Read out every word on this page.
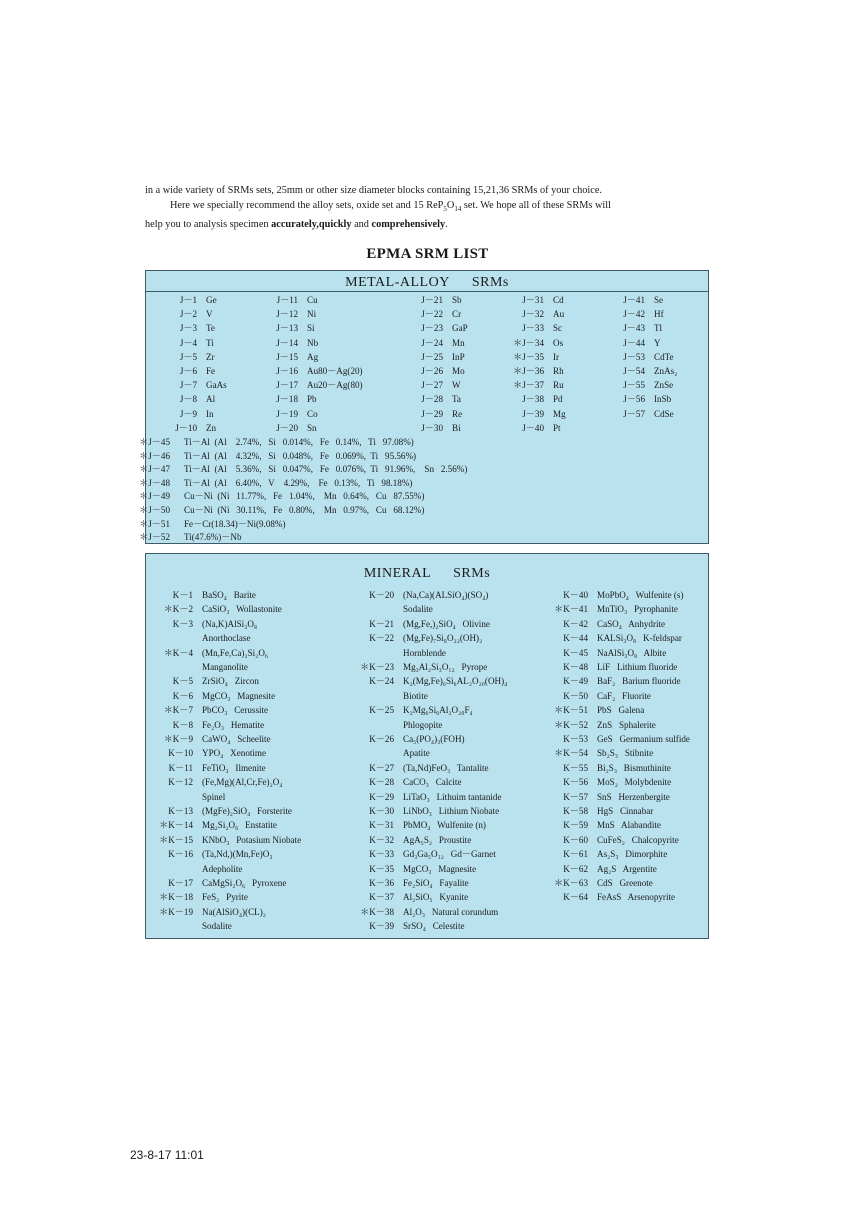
in a wide variety of SRMs sets, 25mm or other size diameter blocks containing 15,21,36 SRMs of your choice.

Here we specially recommend the alloy sets, oxide set and 15 $ReP_5O_{14}$ set. We hope all of these SRMs will

help you to analysis specimen accurately,quickly and comprehensively.

EPMA SRM LIST
METAL-ALLOY SRMs
J－1 Ge
J－2 V
J－3 Te
J－4 Ti
J－5 Zr
J－6 Fe
J－7 GaAs
J－8 Al
J－9 In
J－10 Zn
J－11 Cu
J－12 Ni
J－13 Si
J－14 Nb
J－15 Ag
J－16 Au80－Ag(20)
J－17 Au20－Ag(80)
J－18 Pb
J－19 Co
J－20 Sn
J－21 Sb
J－22 Cr
J－23 GaP
J－24 Mn
J－25 InP
J－26 Mo
J－27 W
J－28 Ta
J－29 Re
J－30 Bi
J－31 Cd
J－32 Au
J－33 Sc
＊J－34 Os
＊J－35 Ir
＊J－36 Rh
＊J－37 Ru
J－38 Pd
J－39 Mg
J－40 Pt
J－41 Se
J－42 Hf
J－43 Tl
J－44 Y
J－53 CdTe
J－54 ZnAs₂
J－55 ZnSe
J－56 InSb
J－57 CdSe
＊J－45 Ti－Al  (Al    2.74%,   Si   0.014%,   Fe   0.14%,   Ti   97.08%)
＊J－46 Ti－Al  (Al    4.32%,   Si   0.048%,   Fe   0.069%,  Ti   95.56%)
＊J－47 Ti－Al  (Al    5.36%,   Si   0.047%,   Fe   0.076%,  Ti   91.96%,    Sn   2.56%)
＊J－48 Ti－Al  (Al    6.40%,   V    4.29%,    Fe   0.13%,   Ti   98.18%)
＊J－49 Cu－Ni  (Ni   11.77%,   Fe   1.04%,    Mn   0.64%,   Cu   87.55%)
＊J－50 Cu－Ni  (Ni   30.11%,   Fe   0.80%,    Mn   0.97%,   Cu   68.12%)
＊J－51 Fe－Cr(18.34)－Ni(9.08%)
＊J－52 Ti(47.6%)－Nb
MINERAL SRMs
K－1 BaSO₄   Barite
＊K－2 CaSiO₃   Wollastonite
K－3 (Na,K)AlSi₃O₈
Anorthoclase
＊K－4 (Mn,Fe,Ca)₂Si₂O₆
Manganolite
K－5 ZrSiO₄   Zircon
K－6 MgCO₃   Magnesite
＊K－7 PbCO₃   Cerussite
K－8 Fe₂O₃   Hematite
＊K－9 CaWO₄   Scheelite
K－10 YPO₄   Xenotime
K－11 FeTiO₃   Ilmenite
K－12 (Fe,Mg)(Al,Cr,Fe)₂O₄
Spinel
K－13 (MgFe)₂SiO₄   Forsterite
＊K－14 Mg₂Si₂O₆   Enstatite
＊K－15 KNbO₃   Potasium Niobate
K－16 (Ta,Nd,)(Mn,Fe)O₃
Adepholite
K－17 CaMgSi₂O₆   Pyroxene
＊K－18 FeS₂   Pyrite
＊K－19 Na(AlSiO₄)(CL)₂
Sodalite
K－20 (Na,Ca)(ALSiO₄)(SO₄)
Sodalite
K－21 (Mg,Fe,)₂SiO₄   Olivine
K－22 (Mg,Fe)₇Si₈O₂₂(OH)₂
Hornblende
＊K－23 Mg₃Al₂Si₃O₁₂   Pyrope
K－24 K₂(Mg,Fe)₆Si₆AL₂O₂₀(OH)₄
Biotite
K－25 K₂Mg₆Si₆Al₂O₂₀F₄
Phlogopite
K－26 Ca₅(PO₄)₃(FOH)
Apatite
K－27 (Ta,Nd)FeO₃   Tantalite
K－28 CaCO₃   Calcite
K－29 LiTaO₃   Lithuim tantanide
K－30 LiNbO₃   Lithium Niobate
K－31 PbMO₄   Wulfenite (n)
K－32 AgA₅S₂   Proustite
K－33 Gd₃Ga₅O₁₂   Gd－Garnet
K－35 MgCO₃   Magnesite
K－36 Fe₂SiO₄   Fayalite
K－37 Al₂SiO₅   Kyanite
＊K－38 Al₂O₃   Natural corundum
K－39 SrSO₄   Celestite
K－40 MoPbO₄   Wulfenite (s)
＊K－41 MnTiO₃   Pyrophanite
K－42 CaSO₄   Anhydrite
K－44 KALSi₃O₈   K-feldspar
K－45 NaAlSi₃O₈   Albite
K－48 LiF   Lithium fluoride
K－49 BaF₂   Barium fluoride
K－50 CaF₂   Fluorite
＊K－51 PbS   Galena
＊K－52 ZnS   Sphalerite
K－53 GeS   Germanium sulfide
＊K－54 Sb₂S₃   Stibnite
K－55 Bi₂S₃   Bismuthinite
K－56 MoS₂   Molybdenite
K－57 SnS   Herzenbergite
K－58 HgS   Cinnabar
K－59 MnS   Alabandite
K－60 CuFeS₂   Chalcopyrite
K－61 As₂S₃   Dimorphite
K－62 Ag₂S   Argentite
＊K－63 CdS   Greenote
K－64 FeAsS   Arsenopyrite
23-8-17 11:01
